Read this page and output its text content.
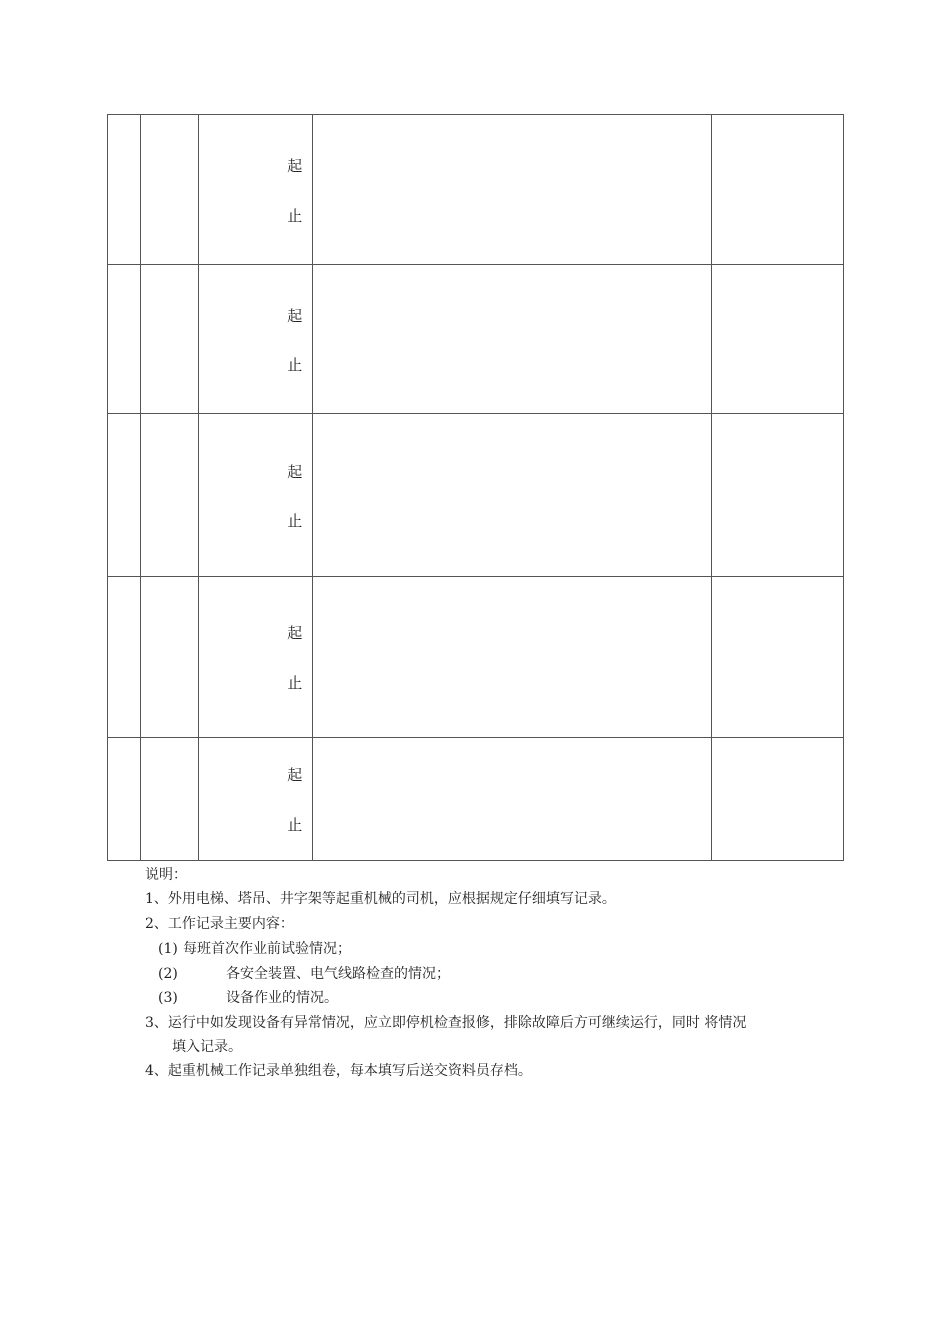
		起
止		

		起
止		

		起
止		

		起
止		

		起
止		

说明：
1、外用电梯、塔吊、井字架等起重机械的司机，应根据规定仔细填写记录。
2、工作记录主要内容：
(1) 每班首次作业前试验情况；
(2)	各安全装置、电气线路检查的情况；
(3)	设备作业的情况。
3、运行中如发现设备有异常情况，应立即停机检查报修，排除故障后方可继续运行，同时 将情况
填入记录。
4、起重机械工作记录单独组卷，每本填写后送交资料员存档。
